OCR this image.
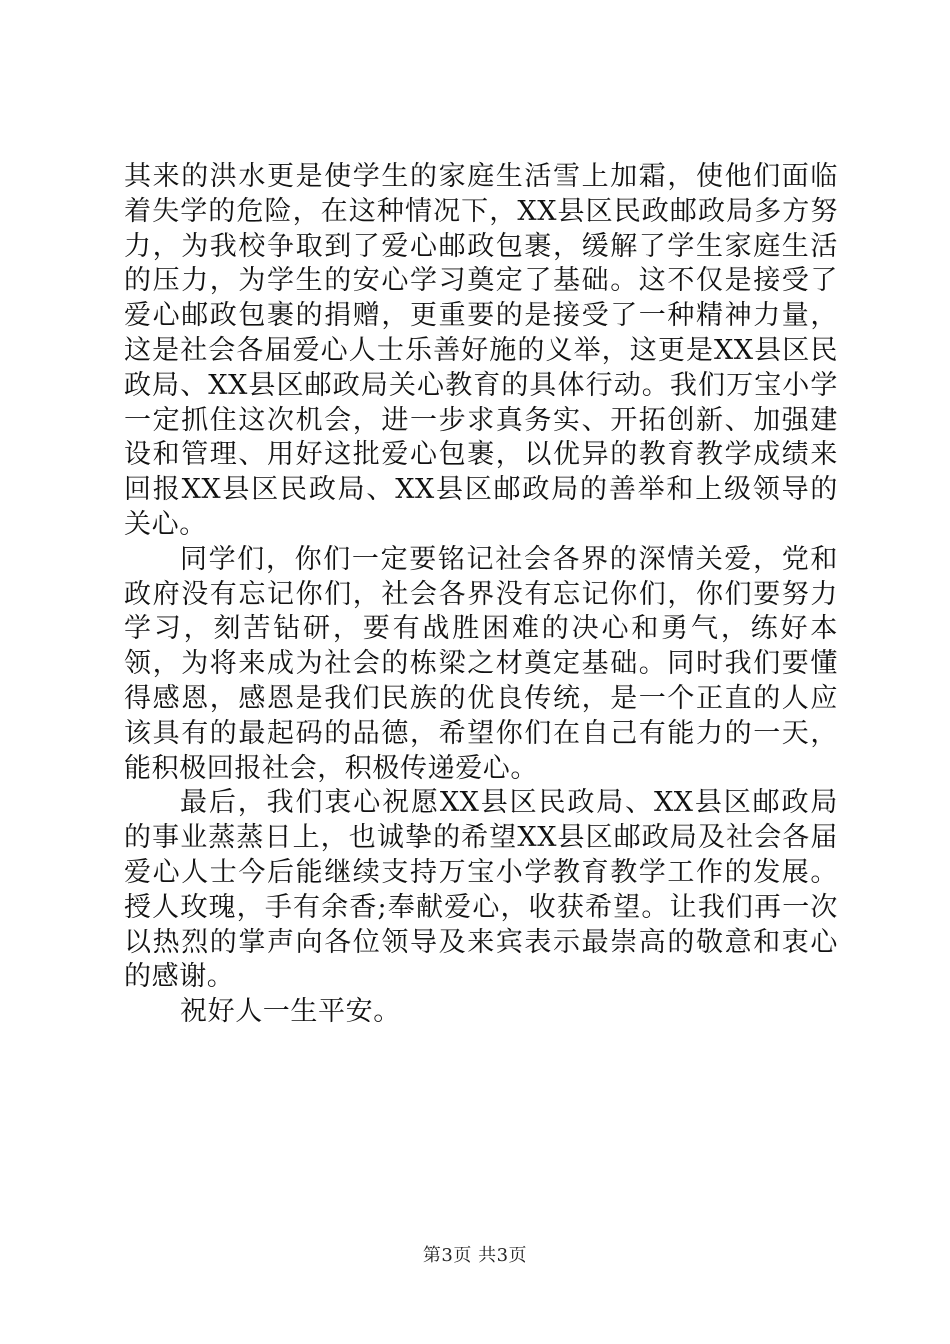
其来的洪水更是使学生的家庭生活雪上加霜，使他们面临着失学的危险，在这种情况下，XX县区民政邮政局多方努力，为我校争取到了爱心邮政包裹，缓解了学生家庭生活的压力，为学生的安心学习奠定了基础。这不仅是接受了爱心邮政包裹的捐赠，更重要的是接受了一种精神力量，这是社会各届爱心人士乐善好施的义举，这更是XX县区民政局、XX县区邮政局关心教育的具体行动。我们万宝小学一定抓住这次机会，进一步求真务实、开拓创新、加强建设和管理、用好这批爱心包裹，以优异的教育教学成绩来回报XX县区民政局、XX县区邮政局的善举和上级领导的关心。

同学们，你们一定要铭记社会各界的深情关爱，党和政府没有忘记你们，社会各界没有忘记你们，你们要努力学习，刻苦钻研，要有战胜困难的决心和勇气，练好本领，为将来成为社会的栋梁之材奠定基础。同时我们要懂得感恩，感恩是我们民族的优良传统，是一个正直的人应该具有的最起码的品德，希望你们在自己有能力的一天，能积极回报社会，积极传递爱心。

最后，我们衷心祝愿XX县区民政局、XX县区邮政局的事业蒸蒸日上，也诚挚的希望XX县区邮政局及社会各届爱心人士今后能继续支持万宝小学教育教学工作的发展。授人玫瑰，手有余香;奉献爱心，收获希望。让我们再一次以热烈的掌声向各位领导及来宾表示最崇高的敬意和衷心的感谢。

祝好人一生平安。

第3页 共3页
